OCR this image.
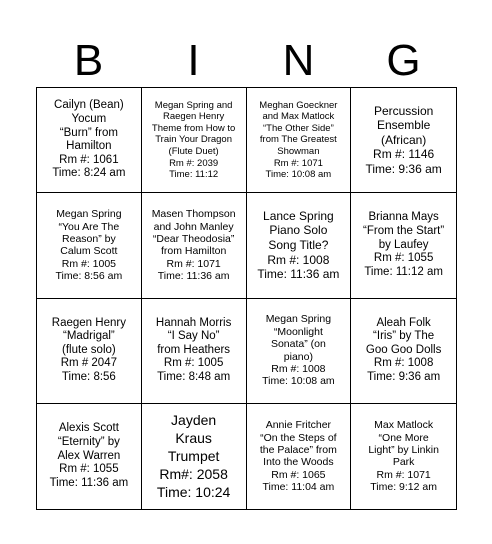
B	I	N	G
Cailyn (Bean)
Yocum
“Burn” from
Hamilton
Rm #: 1061
Time: 8:24 am
Megan Spring and
Raegen Henry
Theme from How to
Train Your Dragon
(Flute Duet)
Rm #: 2039
Time: 11:12
Meghan Goeckner
and Max Matlock
“The Other Side”
from The Greatest
Showman
Rm #: 1071
Time: 10:08 am
Percussion
Ensemble
(African)
Rm #: 1146
Time: 9:36 am
Megan Spring
“You Are The
Reason” by
Calum Scott
Rm #: 1005
Time: 8:56 am
Masen Thompson
and John Manley
“Dear Theodosia”
from Hamilton
Rm #: 1071
Time: 11:36 am
Lance Spring
Piano Solo
Song Title?
Rm #: 1008
Time: 11:36 am
Brianna Mays
“From the Start”
by Laufey
Rm #: 1055
Time: 11:12 am
Raegen Henry
“Madrigal”
(flute solo)
Rm # 2047
Time: 8:56
Hannah Morris
“I Say No”
from Heathers
Rm #: 1005
Time: 8:48 am
Megan Spring
“Moonlight
Sonata” (on
piano)
Rm #: 1008
Time: 10:08 am
Aleah Folk
“Iris” by The
Goo Goo Dolls
Rm #: 1008
Time: 9:36 am
Alexis Scott
“Eternity” by
Alex Warren
Rm #: 1055
Time: 11:36 am
Jayden
Kraus
Trumpet
Rm#: 2058
Time: 10:24
Annie Fritcher
“On the Steps of
the Palace” from
Into the Woods
Rm #: 1065
Time: 11:04 am
Max Matlock
“One More
Light” by Linkin
Park
Rm #: 1071
Time: 9:12 am
